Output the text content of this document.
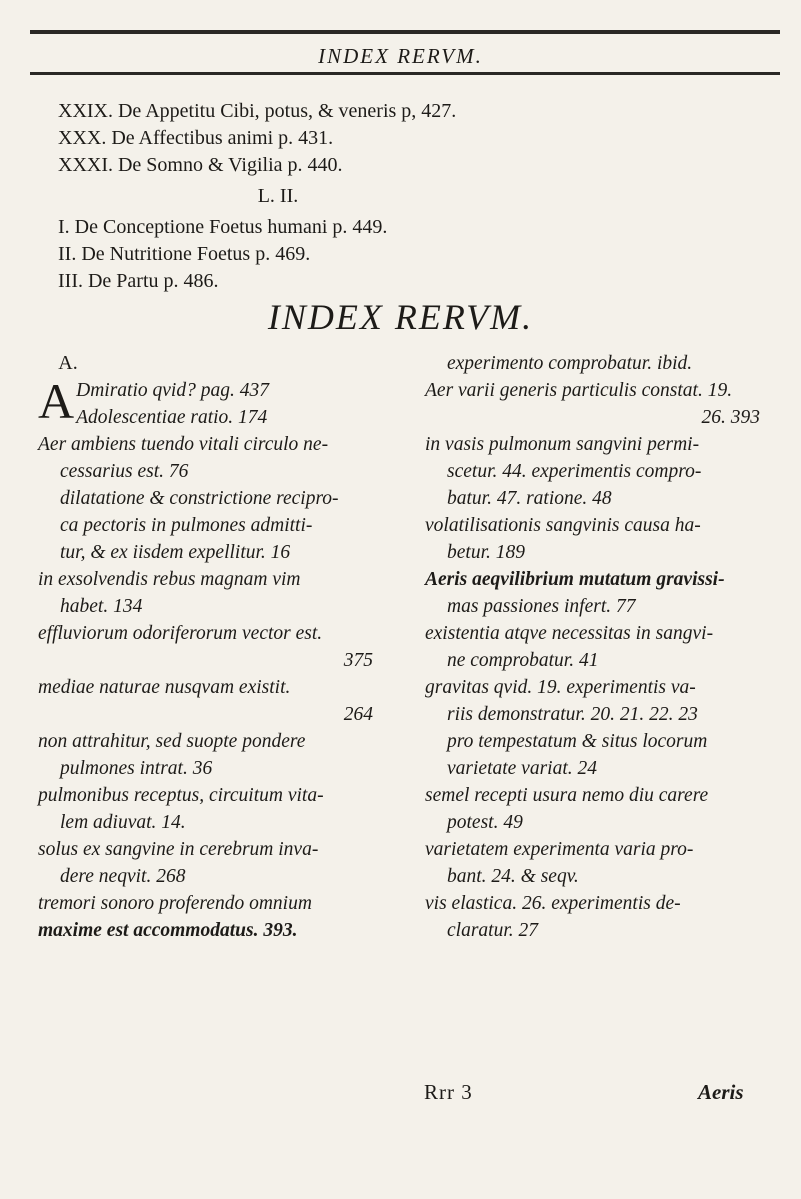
INDEX RERVM.
XXIX. De Appetitu Cibi, potus, & veneris p, 427.
XXX. De Affectibus animi p. 431.
XXXI. De Somno & Vigilia p. 440.
L. II.
I. De Conceptione Foetus humani p. 449.
II. De Nutritione Foetus p. 469.
III. De Partu p. 486.
INDEX RERVM.
A.
A Dmiratio qvid? pag. 437
Adolescentiae ratio. 174
Aer ambiens tuendo vitali circulo ne-
cessarius est. 76
dilatatione & constrictione recipro-
ca pectoris in pulmones admitti-
tur, & ex iisdem expellitur. 16
in exsolvendis rebus magnam vim
habet. 134
effluviorum odoriferorum vector est.
375
mediae naturae nusqvam existit.
264
non attrahitur, sed suopte pondere
pulmones intrat. 36
pulmonibus receptus, circuitum vita-
lem adiuvat. 14.
solus ex sangvine in cerebrum inva-
dere neqvit. 268
tremori sonoro proferendo omnium
maxime est accommodatus. 393.
experimento comprobatur. ibid.
Aer varii generis particulis constat. 19.
26. 393
in vasis pulmonum sangvini permi-
scetur. 44. experimentis compro-
batur. 47. ratione. 48
volatilisationis sangvinis causa ha-
betur. 189
Aeris aeqvilibrium mutatum gravissi-
mas passiones infert. 77
existentia atqve necessitas in sangvi-
ne comprobatur. 41
gravitas qvid. 19. experimentis va-
riis demonstratur. 20. 21. 22. 23
pro tempestatum & situs locorum
varietate variat. 24
semel recepti usura nemo diu carere
potest. 49
varietatem experimenta varia pro-
bant. 24. & seqv.
vis elastica. 26. experimentis de-
claratur. 27
Rrr 3	Aeris
